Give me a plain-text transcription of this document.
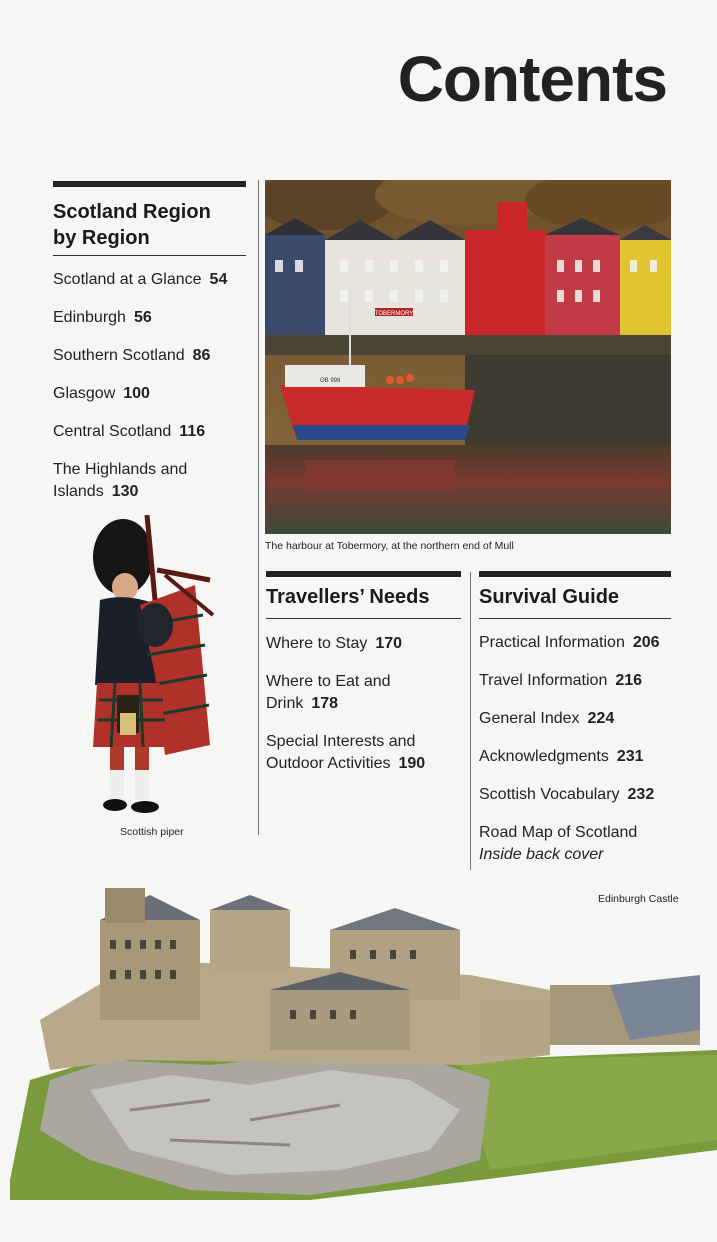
Contents
Scotland Region
by Region
Scotland at a Glance 54
Edinburgh 56
Southern Scotland 86
Glasgow 100
Central Scotland 116
The Highlands and
Islands 130
TOBERMORY
OB 998
The harbour at Tobermory, at the northern end of Mull
Travellers’ Needs
Where to Stay 170
Where to Eat and
Drink 178
Special Interests and
Outdoor Activities 190
Survival Guide
Practical Information 206
Travel Information 216
General Index 224
Acknowledgments 231
Scottish Vocabulary 232
Road Map of Scotland
Inside back cover
Scottish piper
Edinburgh Castle
